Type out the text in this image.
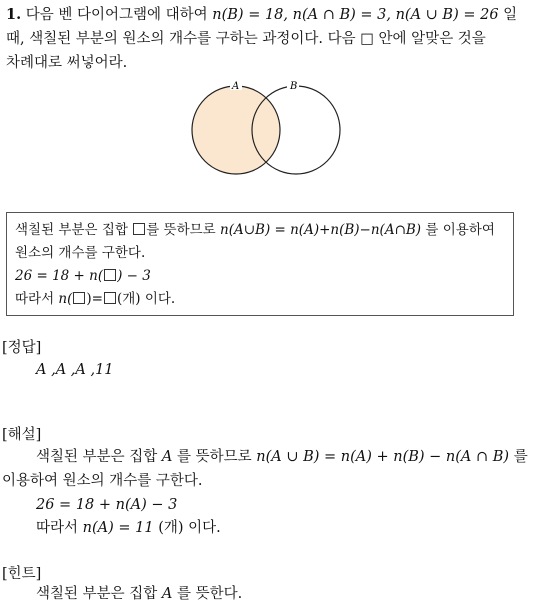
1. 다음 벤 다이어그램에 대하여 n(B) = 18, n(A ∩ B) = 3, n(A ∪ B) = 26 일
때, 색칠된 부분의 원소의 개수를 구하는 과정이다. 다음 □ 안에 알맞은 것을
차례대로 써넣어라.
A	B
색칠된 부분은 집합 를 뜻하므로 n(A∪B) = n(A)+n(B)−n(A∩B) 를 이용하여
원소의 개수를 구한다.
26 = 18 + n( ) − 3
따라서 n( )= (개) 이다.
[정답]
A ,A ,A ,11
[해설]
색칠된 부분은 집합 A 를 뜻하므로 n(A ∪ B) = n(A) + n(B) − n(A ∩ B) 를
이용하여 원소의 개수를 구한다.
26 = 18 + n(A) − 3
따라서 n(A) = 11 (개) 이다.
[힌트]
색칠된 부분은 집합 A 를 뜻한다.
